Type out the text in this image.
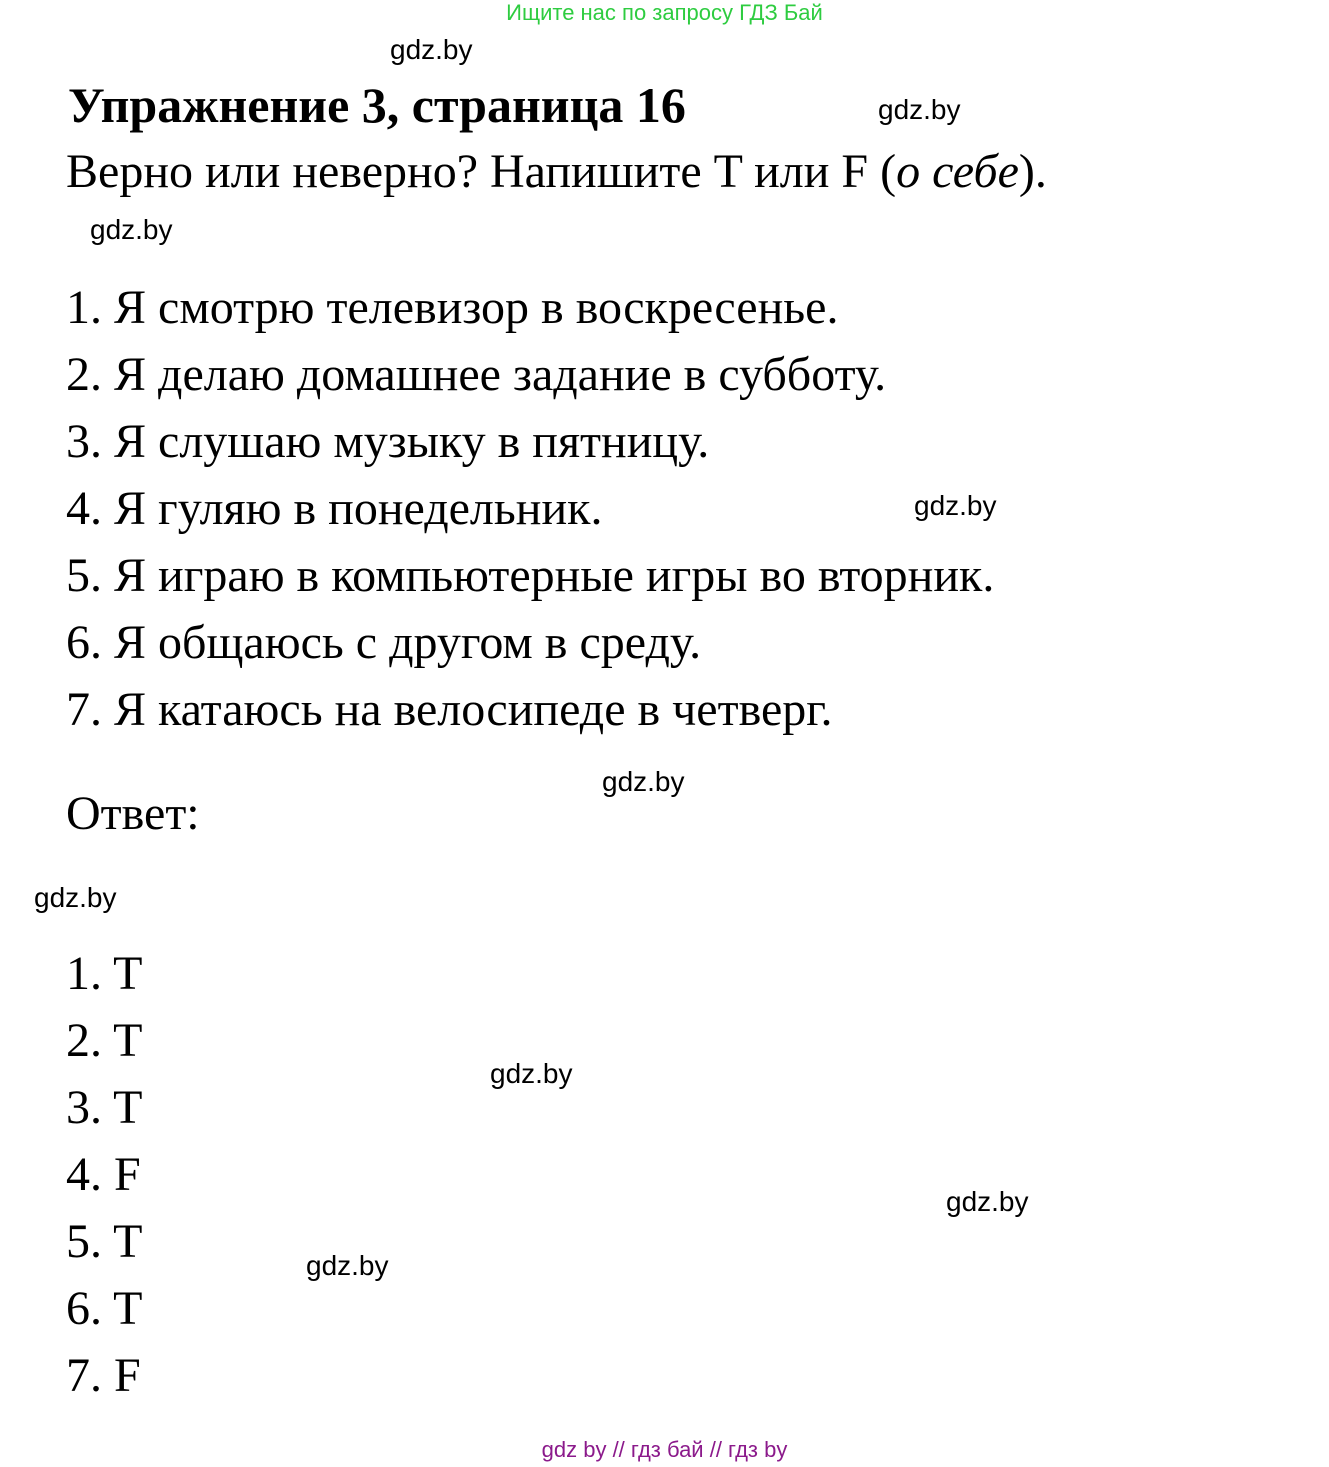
Ищите нас по запросу ГДЗ Бай
gdz.by
gdz.by
gdz.by
gdz.by
gdz.by
gdz.by
gdz.by
gdz.by
gdz.by
Упражнение 3, страница 16
Верно или неверно? Напишите T или F (о себе).
1. Я смотрю телевизор в воскресенье.
2. Я делаю домашнее задание в субботу.
3. Я слушаю музыку в пятницу.
4. Я гуляю в понедельник.
5. Я играю в компьютерные игры во вторник.
6. Я общаюсь с другом в среду.
7. Я катаюсь на велосипеде в четверг.
Ответ:
1. T
2. T
3. T
4. F
5. T
6. T
7. F
gdz by // гдз бай // гдз by
